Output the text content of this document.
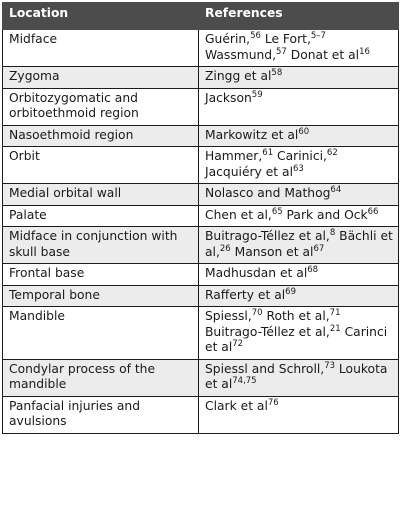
Location	References
Midface	Guérin,$^{56}$ Le Fort,$^{5-7}$ Wassmund,$^{57}$ Donat et $al^{16}$
Zygoma	Zingg et $al^{58}$
Orbitozygomatic and orbitoethmoid region	Jackson$^{59}$
Nasoethmoid region	Markowitz et $al^{60}$
Orbit	Hammer,$^{61}$ Carinici,$^{62}$ Jacquiéry et $al^{63}$
Medial orbital wall	Nolasco and Mathog$^{64}$
Palate	Chen et al,$^{65}$ Park and Ock$^{66}$
Midface in conjunction with skull base	Buitrago-Téllez et al,$^8$ Bächli et al,$^{26}$ Manson et $al^{67}$
Frontal base	Madhusdan et $al^{68}$
Temporal bone	Rafferty et $al^{69}$
Mandible	Spiessl,$^{70}$ Roth et al,$^{71}$ Buitrago-Téllez et al,$^{21}$ Carinci et $al^{72}$
Condylar process of the mandible	Spiessl and Schroll,$^{73}$ Loukota et al$^{74,75}$
Panfacial injuries and avulsions	Clark et $al^{76}$
